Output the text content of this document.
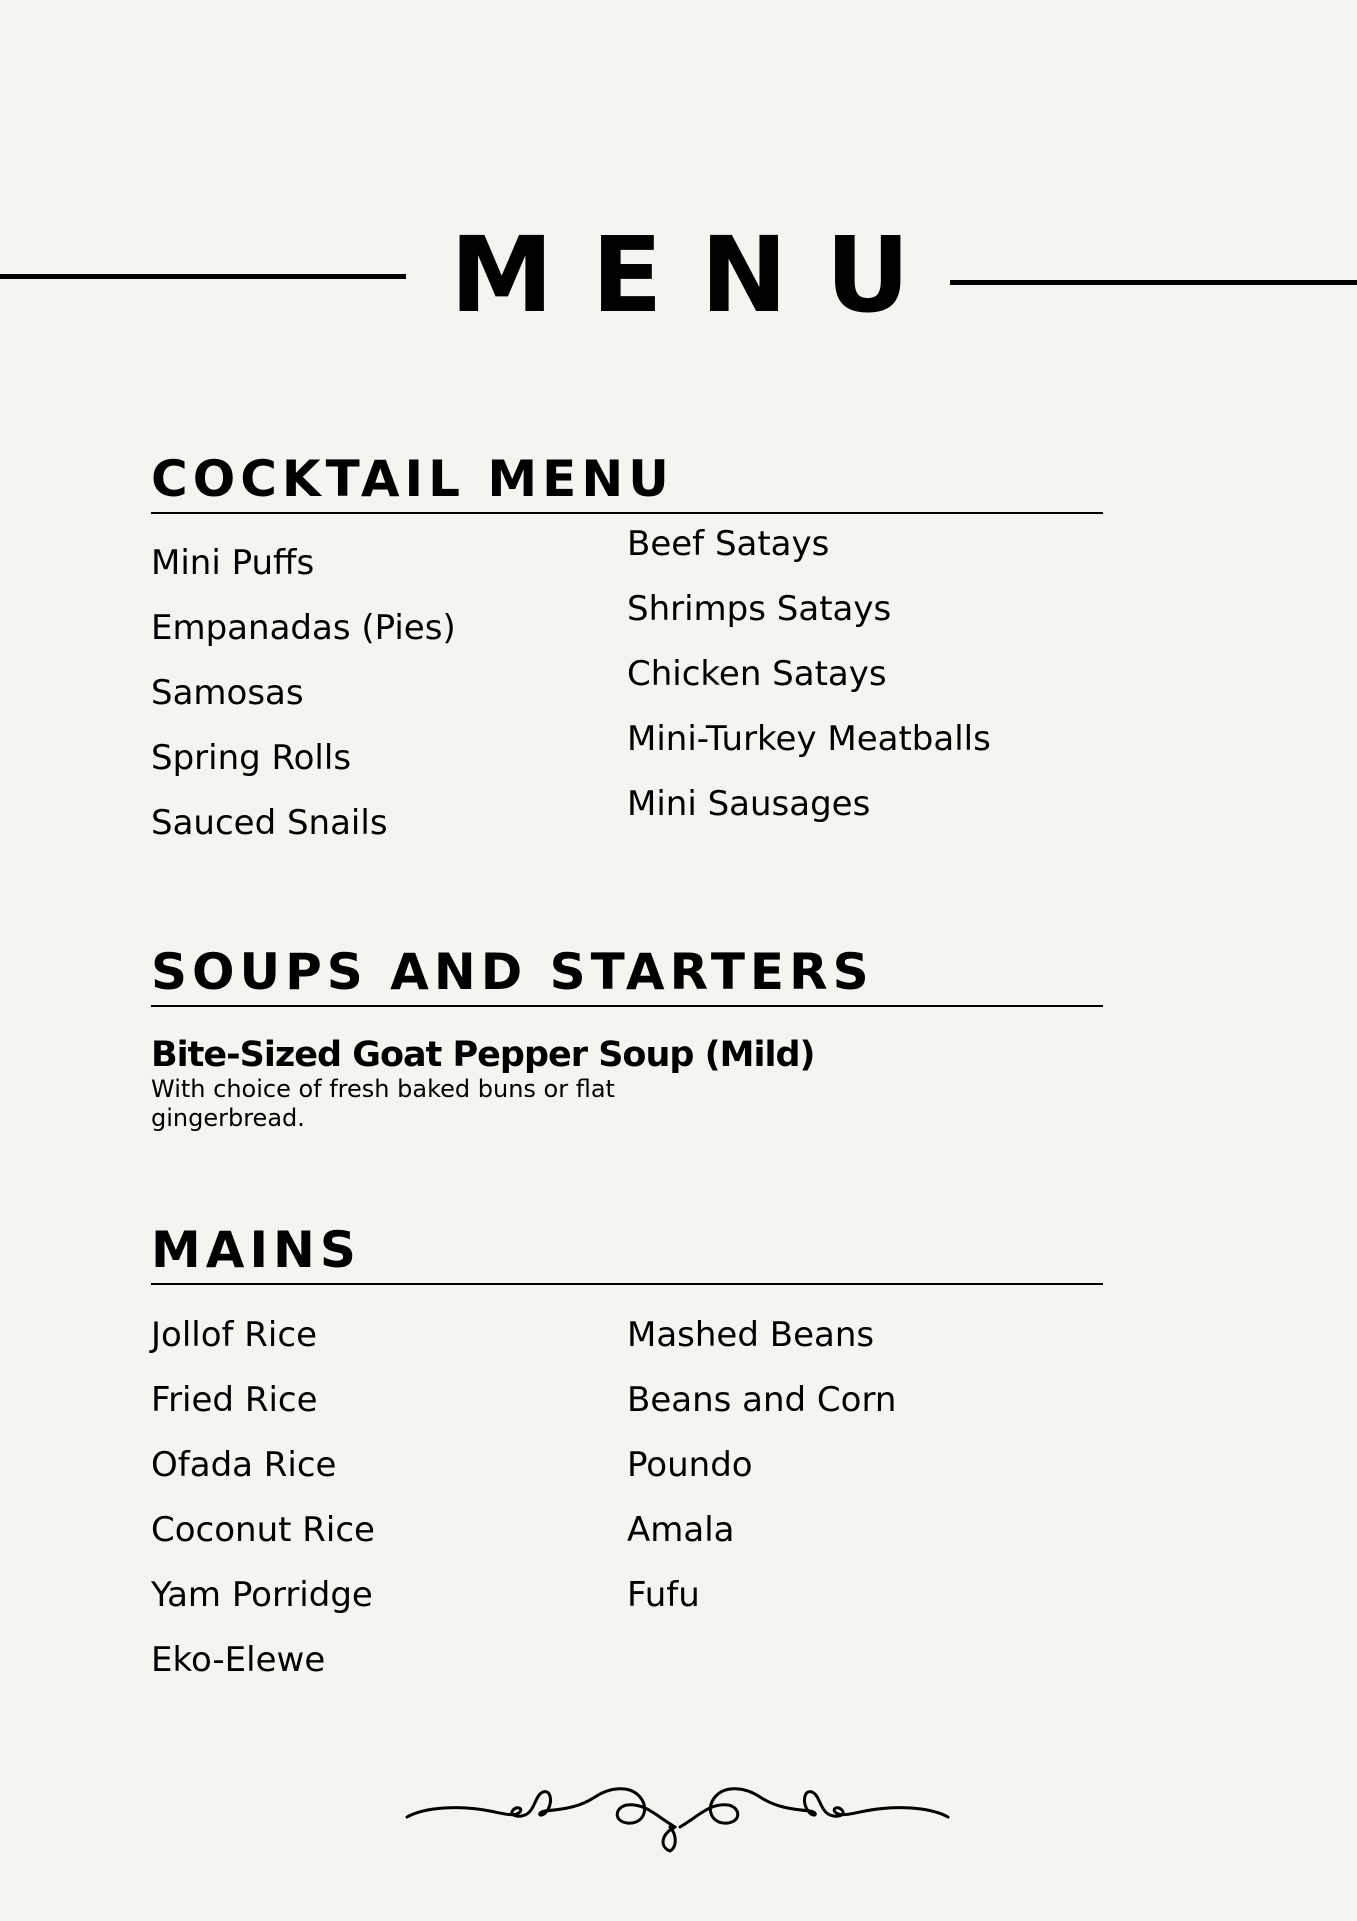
MENU
COCKTAIL MENU
Mini Puffs
Empanadas (Pies)
Samosas
Spring Rolls
Sauced Snails
Beef Satays
Shrimps Satays
Chicken Satays
Mini-Turkey Meatballs
Mini Sausages
SOUPS AND STARTERS
Bite-Sized Goat Pepper Soup (Mild)

With choice of fresh baked buns or flat gingerbread.

MAINS
Jollof Rice
Fried Rice
Ofada Rice
Coconut Rice
Yam Porridge
Eko-Elewe
Mashed Beans
Beans and Corn
Poundo
Amala
Fufu
